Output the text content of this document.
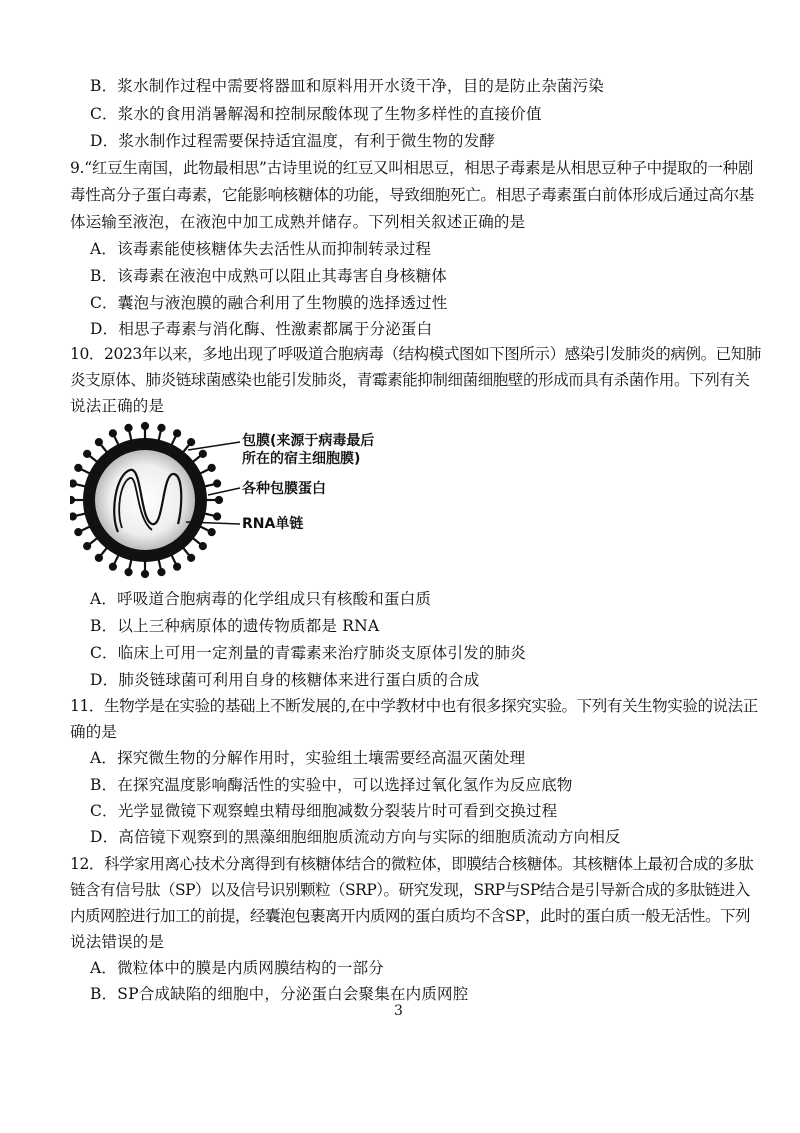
B．浆水制作过程中需要将器皿和原料用开水烫干净，目的是防止杂菌污染
C．浆水的食用消暑解渴和控制尿酸体现了生物多样性的直接价值
D．浆水制作过程需要保持适宜温度，有利于微生物的发酵
9.“红豆生南国，此物最相思”古诗里说的红豆又叫相思豆，相思子毒素是从相思豆种子中提取的一种剧
毒性高分子蛋白毒素，它能影响核糖体的功能，导致细胞死亡。相思子毒素蛋白前体形成后通过高尔基
体运输至液泡，在液泡中加工成熟并储存。下列相关叙述正确的是
A．该毒素能使核糖体失去活性从而抑制转录过程
B．该毒素在液泡中成熟可以阻止其毒害自身核糖体
C．囊泡与液泡膜的融合利用了生物膜的选择透过性
D．相思子毒素与消化酶、性激素都属于分泌蛋白
10．2023年以来，多地出现了呼吸道合胞病毒（结构模式图如下图所示）感染引发肺炎的病例。已知肺
炎支原体、肺炎链球菌感染也能引发肺炎，青霉素能抑制细菌细胞壁的形成而具有杀菌作用。下列有关
说法正确的是
包膜(来源于病毒最后
所在的宿主细胞膜)
各种包膜蛋白
RNA单链
A．呼吸道合胞病毒的化学组成只有核酸和蛋白质
B．以上三种病原体的遗传物质都是 RNA
C．临床上可用一定剂量的青霉素来治疗肺炎支原体引发的肺炎
D．肺炎链球菌可利用自身的核糖体来进行蛋白质的合成
11．生物学是在实验的基础上不断发展的,在中学教材中也有很多探究实验。下列有关生物实验的说法正
确的是
A．探究微生物的分解作用时，实验组土壤需要经高温灭菌处理
B．在探究温度影响酶活性的实验中，可以选择过氧化氢作为反应底物
C．光学显微镜下观察蝗虫精母细胞减数分裂装片时可看到交换过程
D．高倍镜下观察到的黑藻细胞细胞质流动方向与实际的细胞质流动方向相反
12．科学家用离心技术分离得到有核糖体结合的微粒体，即膜结合核糖体。其核糖体上最初合成的多肽
链含有信号肽（SP）以及信号识别颗粒（SRP）。研究发现，SRP与SP结合是引导新合成的多肽链进入
内质网腔进行加工的前提，经囊泡包裹离开内质网的蛋白质均不含SP，此时的蛋白质一般无活性。下列
说法错误的是
A．微粒体中的膜是内质网膜结构的一部分
B．SP合成缺陷的细胞中，分泌蛋白会聚集在内质网腔
3
